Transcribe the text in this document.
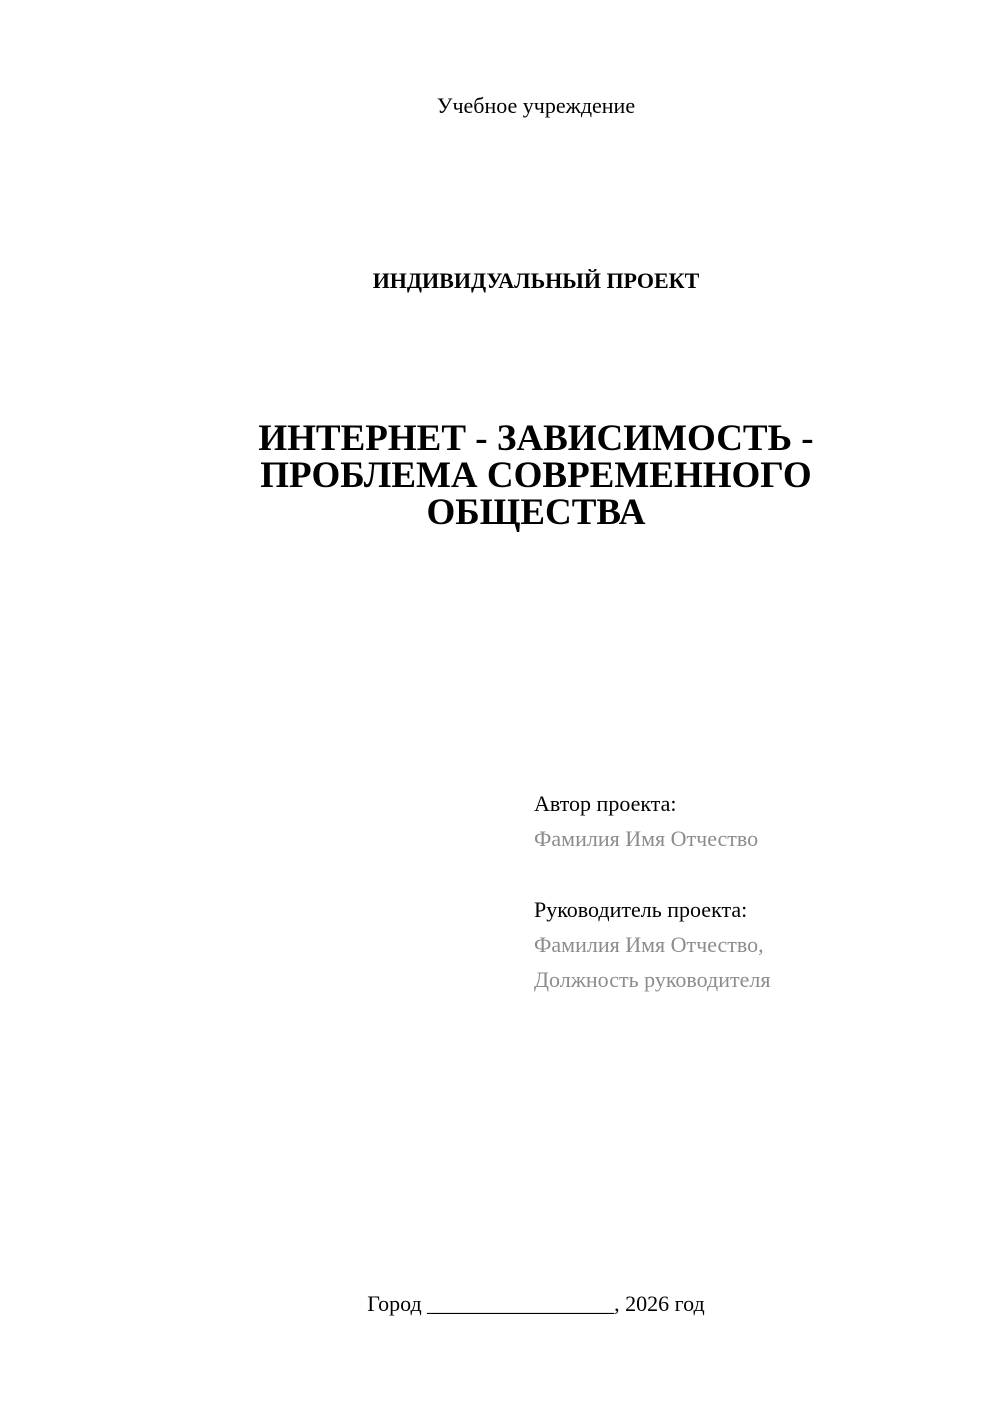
Учебное учреждение
ИНДИВИДУАЛЬНЫЙ ПРОЕКТ
ИНТЕРНЕТ - ЗАВИСИМОСТЬ -
ПРОБЛЕМА СОВРЕМЕННОГО
ОБЩЕСТВА
Автор проекта:
Фамилия Имя Отчество
Руководитель проекта:
Фамилия Имя Отчество,
Должность руководителя
Город _________________, 2026 год
